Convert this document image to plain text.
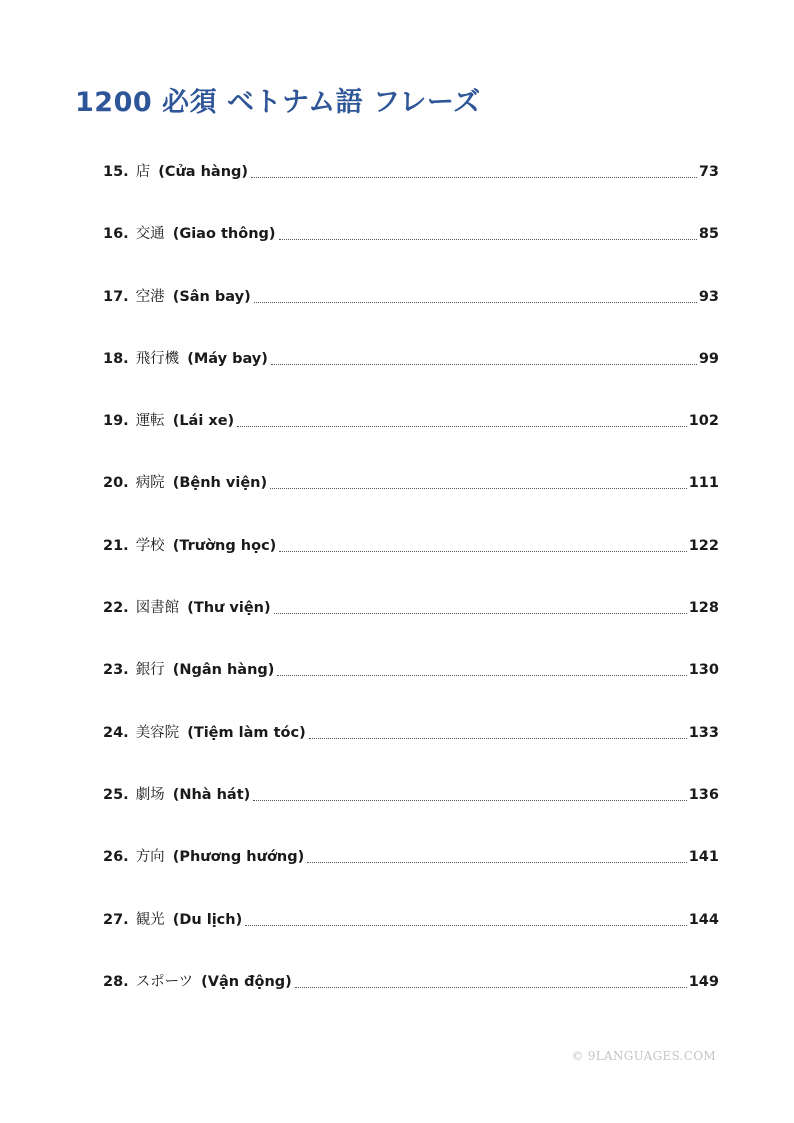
1200 必須 ベトナム語 フレーズ
15. 店 (Cửa hàng)	73
16. 交通 (Giao thông)	85
17. 空港 (Sân bay)	93
18. 飛行機 (Máy bay)	99
19. 運転 (Lái xe)	102
20. 病院 (Bệnh viện)	111
21. 学校 (Trường học)	122
22. 図書館 (Thư viện)	128
23. 銀行 (Ngân hàng)	130
24. 美容院 (Tiệm làm tóc)	133
25. 劇场 (Nhà hát)	136
26. 方向 (Phương hướng)	141
27. 観光 (Du lịch)	144
28. スポーツ (Vận động)	149
© 9LANGUAGES.COM
